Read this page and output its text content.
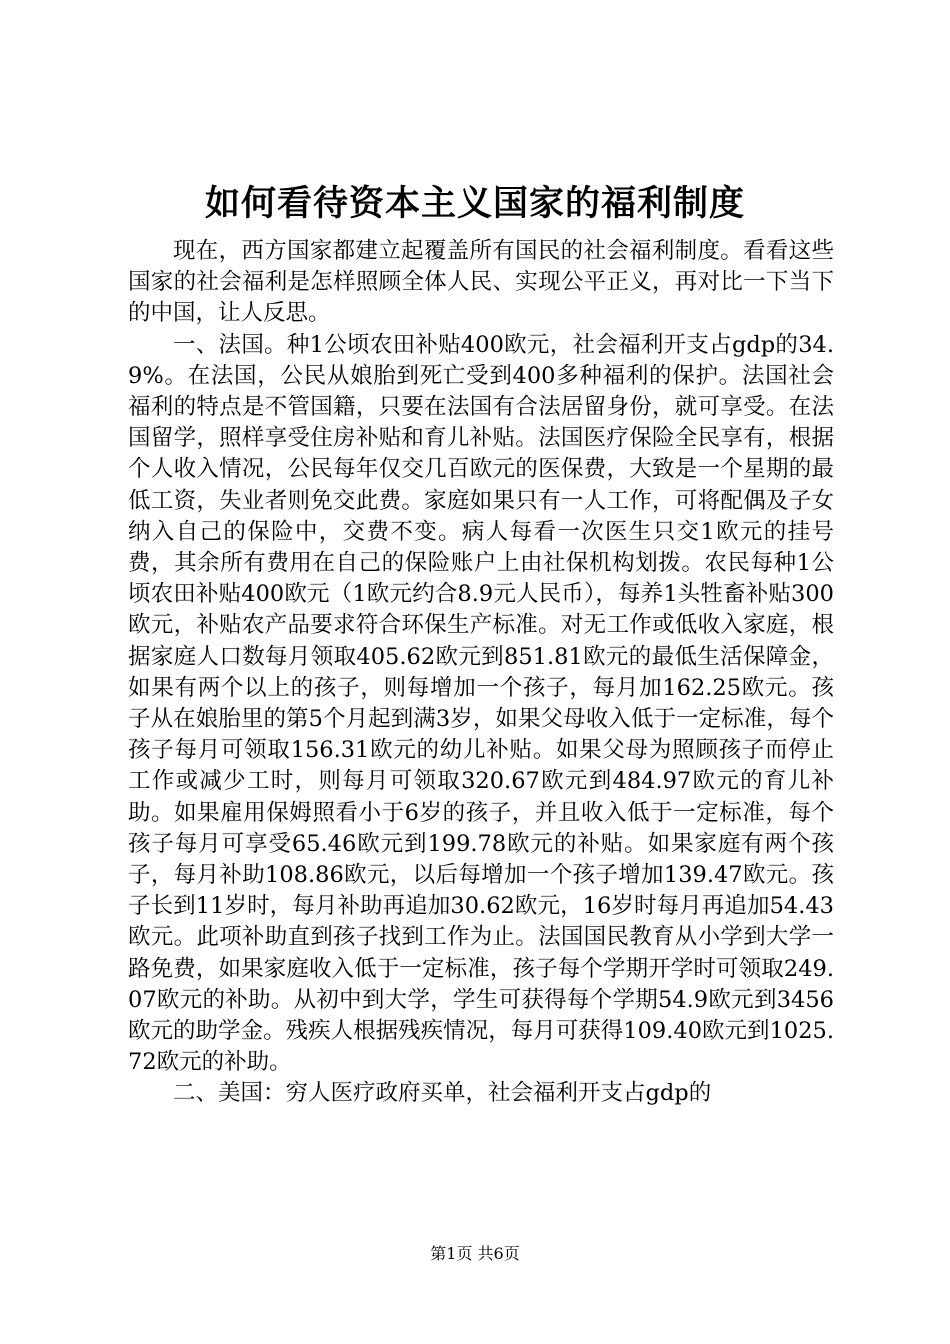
如何看待资本主义国家的福利制度

现在，西方国家都建立起覆盖所有国民的社会福利制度。看看这些国家的社会福利是怎样照顾全体人民、实现公平正义，再对比一下当下的中国，让人反思。

一、法国。种1公顷农田补贴400欧元，社会福利开支占gdp的34.9%。在法国，公民从娘胎到死亡受到400多种福利的保护。法国社会福利的特点是不管国籍，只要在法国有合法居留身份，就可享受。在法国留学，照样享受住房补贴和育儿补贴。法国医疗保险全民享有，根据个人收入情况，公民每年仅交几百欧元的医保费，大致是一个星期的最低工资，失业者则免交此费。家庭如果只有一人工作，可将配偶及子女纳入自己的保险中，交费不变。病人每看一次医生只交1欧元的挂号费，其余所有费用在自己的保险账户上由社保机构划拨。农民每种1公顷农田补贴400欧元（1欧元约合8.9元人民币），每养1头牲畜补贴300欧元，补贴农产品要求符合环保生产标准。对无工作或低收入家庭，根据家庭人口数每月领取405.62欧元到851.81欧元的最低生活保障金，如果有两个以上的孩子，则每增加一个孩子，每月加162.25欧元。孩子从在娘胎里的第5个月起到满3岁，如果父母收入低于一定标准，每个孩子每月可领取156.31欧元的幼儿补贴。如果父母为照顾孩子而停止工作或减少工时，则每月可领取320.67欧元到484.97欧元的育儿补助。如果雇用保姆照看小于6岁的孩子，并且收入低于一定标准，每个孩子每月可享受65.46欧元到199.78欧元的补贴。如果家庭有两个孩子，每月补助108.86欧元，以后每增加一个孩子增加139.47欧元。孩子长到11岁时，每月补助再追加30.62欧元，16岁时每月再追加54.43欧元。此项补助直到孩子找到工作为止。法国国民教育从小学到大学一路免费，如果家庭收入低于一定标准，孩子每个学期开学时可领取249.07欧元的补助。从初中到大学，学生可获得每个学期54.9欧元到3456欧元的助学金。残疾人根据残疾情况，每月可获得109.40欧元到1025.72欧元的补助。

二、美国：穷人医疗政府买单，社会福利开支占gdp的

第1页 共6页
